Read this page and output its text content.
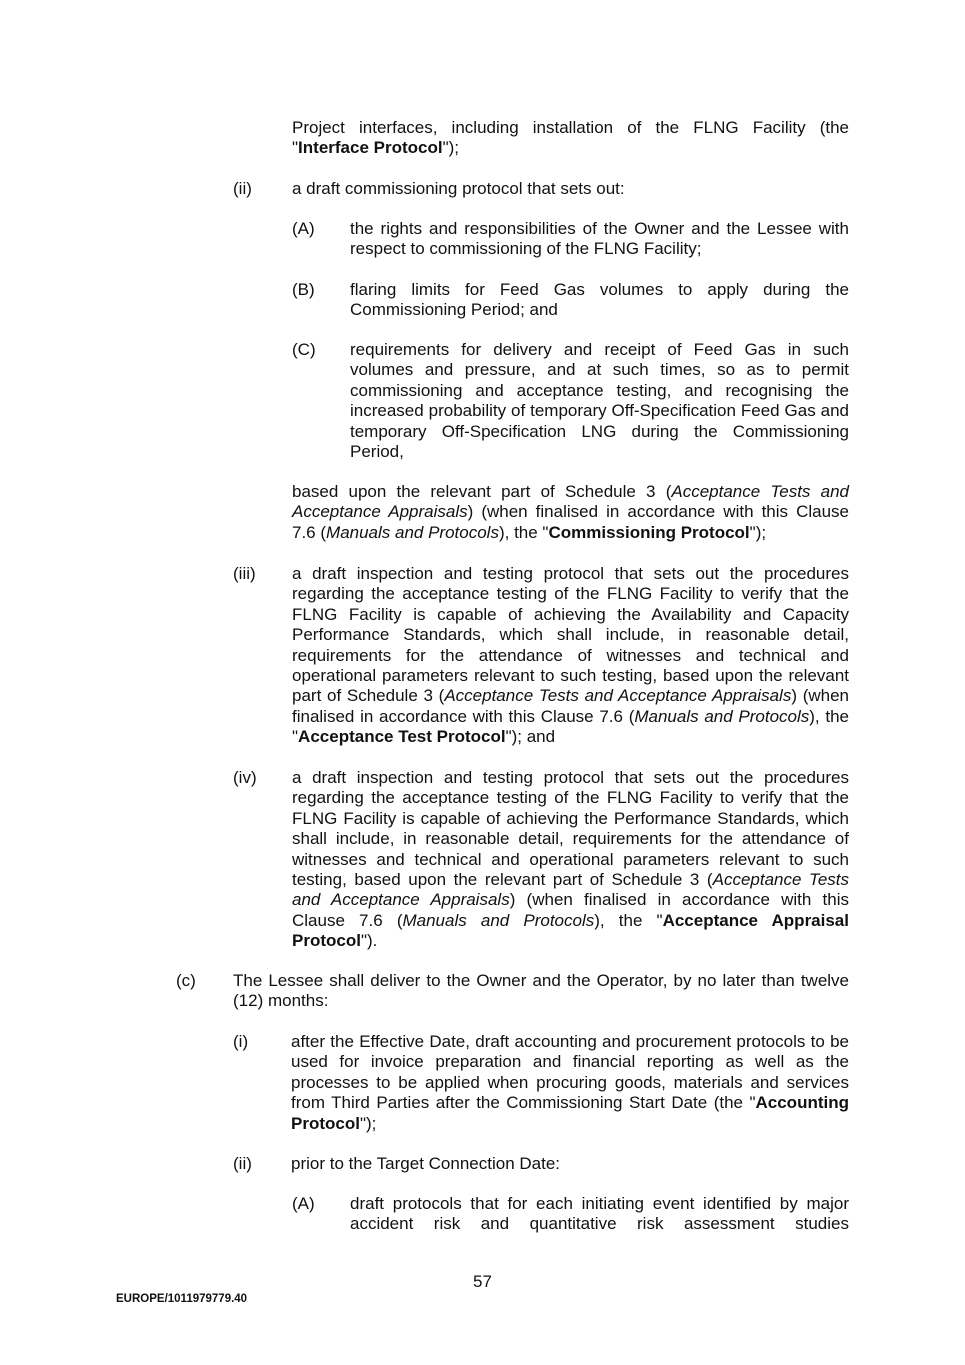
Project interfaces, including installation of the FLNG Facility (the "Interface Protocol");

(ii) a draft commissioning protocol that sets out:

(A) the rights and responsibilities of the Owner and the Lessee with respect to commissioning of the FLNG Facility;

(B) flaring limits for Feed Gas volumes to apply during the Commissioning Period; and

(C) requirements for delivery and receipt of Feed Gas in such volumes and pressure, and at such times, so as to permit commissioning and acceptance testing, and recognising the increased probability of temporary Off-Specification Feed Gas and temporary Off-Specification LNG during the Commissioning Period,

based upon the relevant part of Schedule 3 (Acceptance Tests and Acceptance Appraisals) (when finalised in accordance with this Clause 7.6 (Manuals and Protocols), the "Commissioning Protocol");

(iii) a draft inspection and testing protocol that sets out the procedures regarding the acceptance testing of the FLNG Facility to verify that the FLNG Facility is capable of achieving the Availability and Capacity Performance Standards, which shall include, in reasonable detail, requirements for the attendance of witnesses and technical and operational parameters relevant to such testing, based upon the relevant part of Schedule 3 (Acceptance Tests and Acceptance Appraisals) (when finalised in accordance with this Clause 7.6 (Manuals and Protocols), the "Acceptance Test Protocol"); and

(iv) a draft inspection and testing protocol that sets out the procedures regarding the acceptance testing of the FLNG Facility to verify that the FLNG Facility is capable of achieving the Performance Standards, which shall include, in reasonable detail, requirements for the attendance of witnesses and technical and operational parameters relevant to such testing, based upon the relevant part of Schedule 3 (Acceptance Tests and Acceptance Appraisals) (when finalised in accordance with this Clause 7.6 (Manuals and Protocols), the "Acceptance Appraisal Protocol").

(c) The Lessee shall deliver to the Owner and the Operator, by no later than twelve (12) months:

(i)	after the Effective Date, draft accounting and procurement protocols to be used for invoice preparation and financial reporting as well as the processes to be applied when procuring goods, materials and services from Third Parties after the Commissioning Start Date (the "Accounting Protocol");

(ii) prior to the Target Connection Date:

(A) draft protocols that for each initiating event identified by major accident risk and quantitative risk assessment studies

57
EUROPE/1011979779.40
